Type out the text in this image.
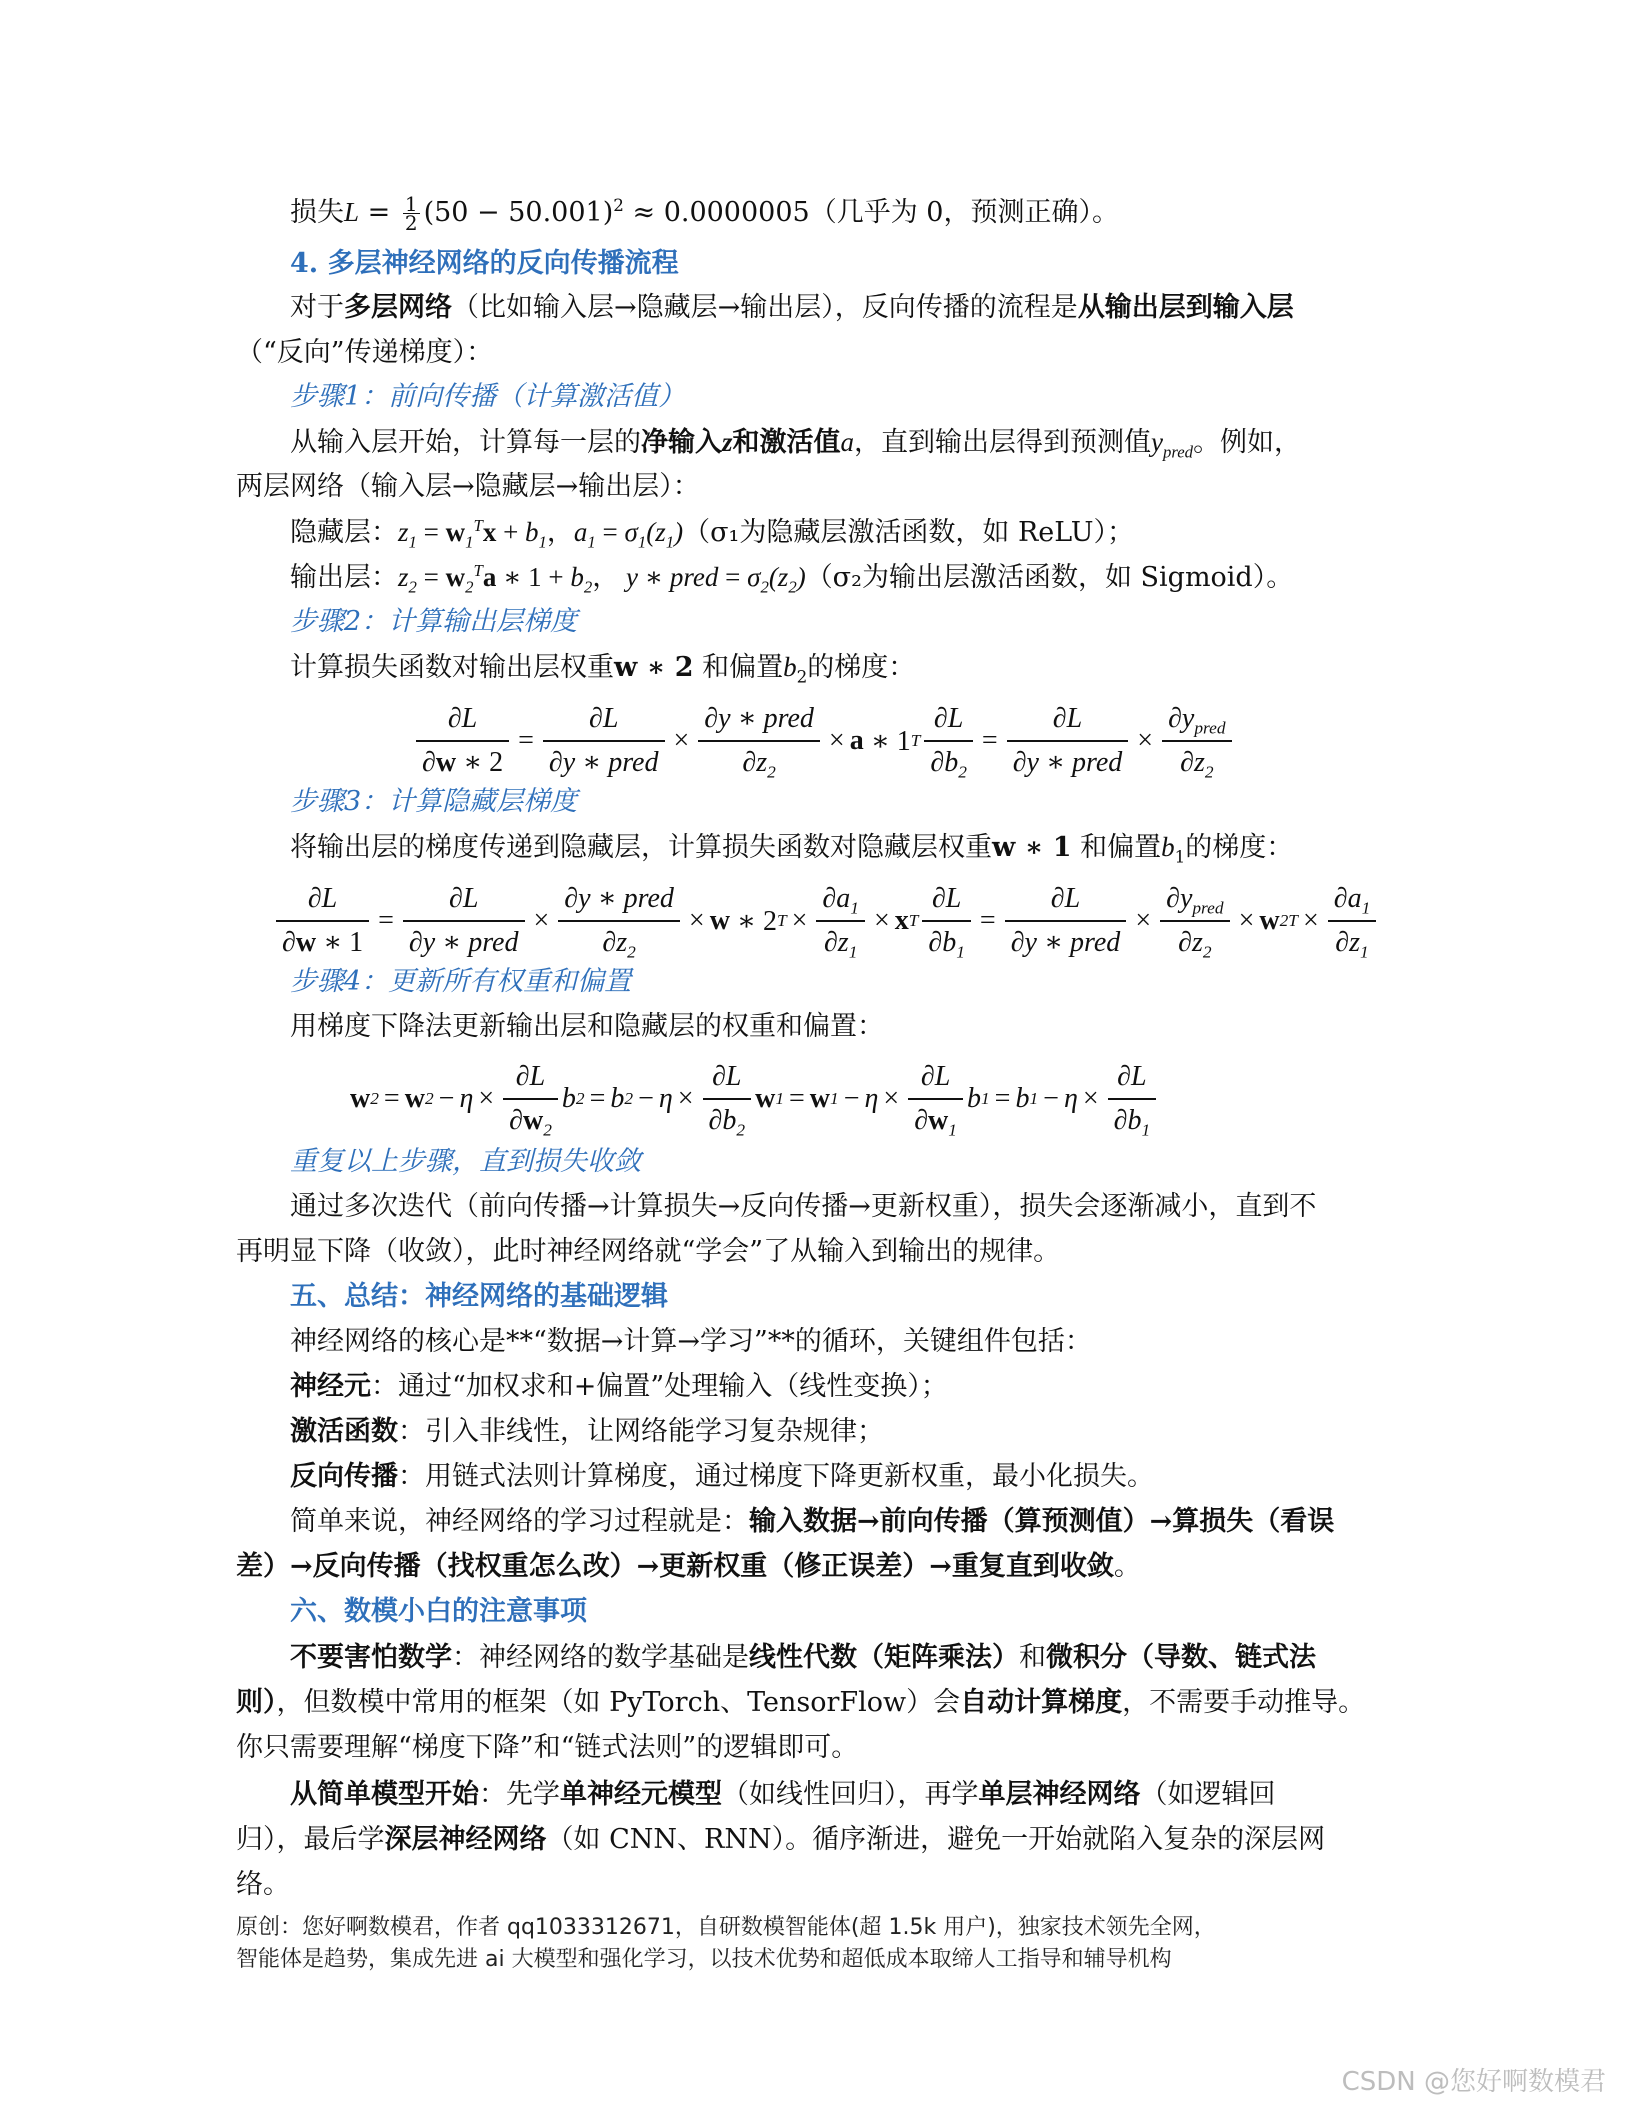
损失$L = \frac{1}{2} (50 - 50.001)^2 \approx 0.0000005$（几乎为 0，预测正确）。
4. 多层神经网络的反向传播流程
对于多层网络（比如输入层→隐藏层→输出层），反向传播的流程是从输出层到输入层
（“反向”传递梯度）：
步骤1：前向传播（计算激活值）
从输入层开始，计算每一层的净输入z和激活值a，直到输出层得到预测值$y_{pred}$。例如，
两层网络（输入层→隐藏层→输出层）：
隐藏层：$z_1 = w_1^Tx + b_1$，$a_1 = \sigma_1(z_1)(\sigma_1$为隐藏层激活函数，如 ReLU）；
输出层：$z_2 = w_2^Ta$ ∗ $1 + b_2$， y ∗ pred = $\sigma_2(z_2)(\sigma_2$为输出层激活函数，如 Sigmoid）。
步骤2：计算输出层梯度
计算损失函数对输出层权重w ∗ 2 和偏置$b_2$的梯度：
$\frac{\partial L}{\partial w ∗ 2} = \frac{\partial L}{\text{∂y ∗ pred}} \times \frac{\text{∂y ∗ pred}}{\partial z_2} \times a$ ∗ 1 T $\frac{\partial L}{\partial b_2} = \frac{\partial L}{\text{∂y ∗ pred}} \times \frac{\partial y_{pred}}{\partial z_2}$
步骤3：计算隐藏层梯度
将输出层的梯度传递到隐藏层，计算损失函数对隐藏层权重w ∗ 1 和偏置$b_1$的梯度：
$\frac{\partial L}{\partial w ∗ 1} = \frac{\partial L}{\text{∂y ∗ pred}} \times \frac{\text{∂y ∗ pred}}{\partial z_2} \times w$ ∗ 2 $T \times \frac{\partial a_1}{\partial z_1} \times x$ T $\frac{\partial L}{\partial b_1} = \frac{\partial L}{\text{∂y ∗ pred}} \times \frac{\partial y_{pred}}{\partial z_2} \times w$ 2 $T \times \frac{\partial a_1}{\partial z_1}$
步骤4：更新所有权重和偏置
用梯度下降法更新输出层和隐藏层的权重和偏置：
w 2 = w $2 - \eta \times \frac{\partial L}{\partial w_2}$ b 2 = b $2 - \eta \times \frac{\partial L}{\partial b_2}$ w 1 = w $1 - \eta \times \frac{\partial L}{\partial w_1}$ b 1 = b $1 - \eta \times \frac{\partial L}{\partial b_1}$
重复以上步骤，直到损失收敛
通过多次迭代（前向传播→计算损失→反向传播→更新权重），损失会逐渐减小，直到不
再明显下降（收敛），此时神经网络就“学会”了从输入到输出的规律。
五、总结：神经网络的基础逻辑
神经网络的核心是**“数据→计算→学习”**的循环，关键组件包括：
神经元：通过“加权求和+偏置”处理输入（线性变换）；
激活函数：引入非线性，让网络能学习复杂规律；
反向传播：用链式法则计算梯度，通过梯度下降更新权重，最小化损失。
简单来说，神经网络的学习过程就是：输入数据→前向传播（算预测值）→算损失（看误
差）→反向传播（找权重怎么改）→更新权重（修正误差）→重复直到收敛。
六、数模小白的注意事项
不要害怕数学：神经网络的数学基础是线性代数（矩阵乘法）和微积分（导数、链式法
则），但数模中常用的框架（如 PyTorch、TensorFlow）会自动计算梯度，不需要手动推导。
你只需要理解“梯度下降”和“链式法则”的逻辑即可。
从简单模型开始：先学单神经元模型（如线性回归），再学单层神经网络（如逻辑回
归），最后学深层神经网络（如 CNN、RNN）。循序渐进，避免一开始就陷入复杂的深层网
络。
原创：您好啊数模君，作者 qq1033312671，自研数模智能体(超 1.5k 用户)，独家技术领先全网，
智能体是趋势，集成先进 ai 大模型和强化学习，以技术优势和超低成本取缔人工指导和辅导机构
CSDN @您好啊数模君
